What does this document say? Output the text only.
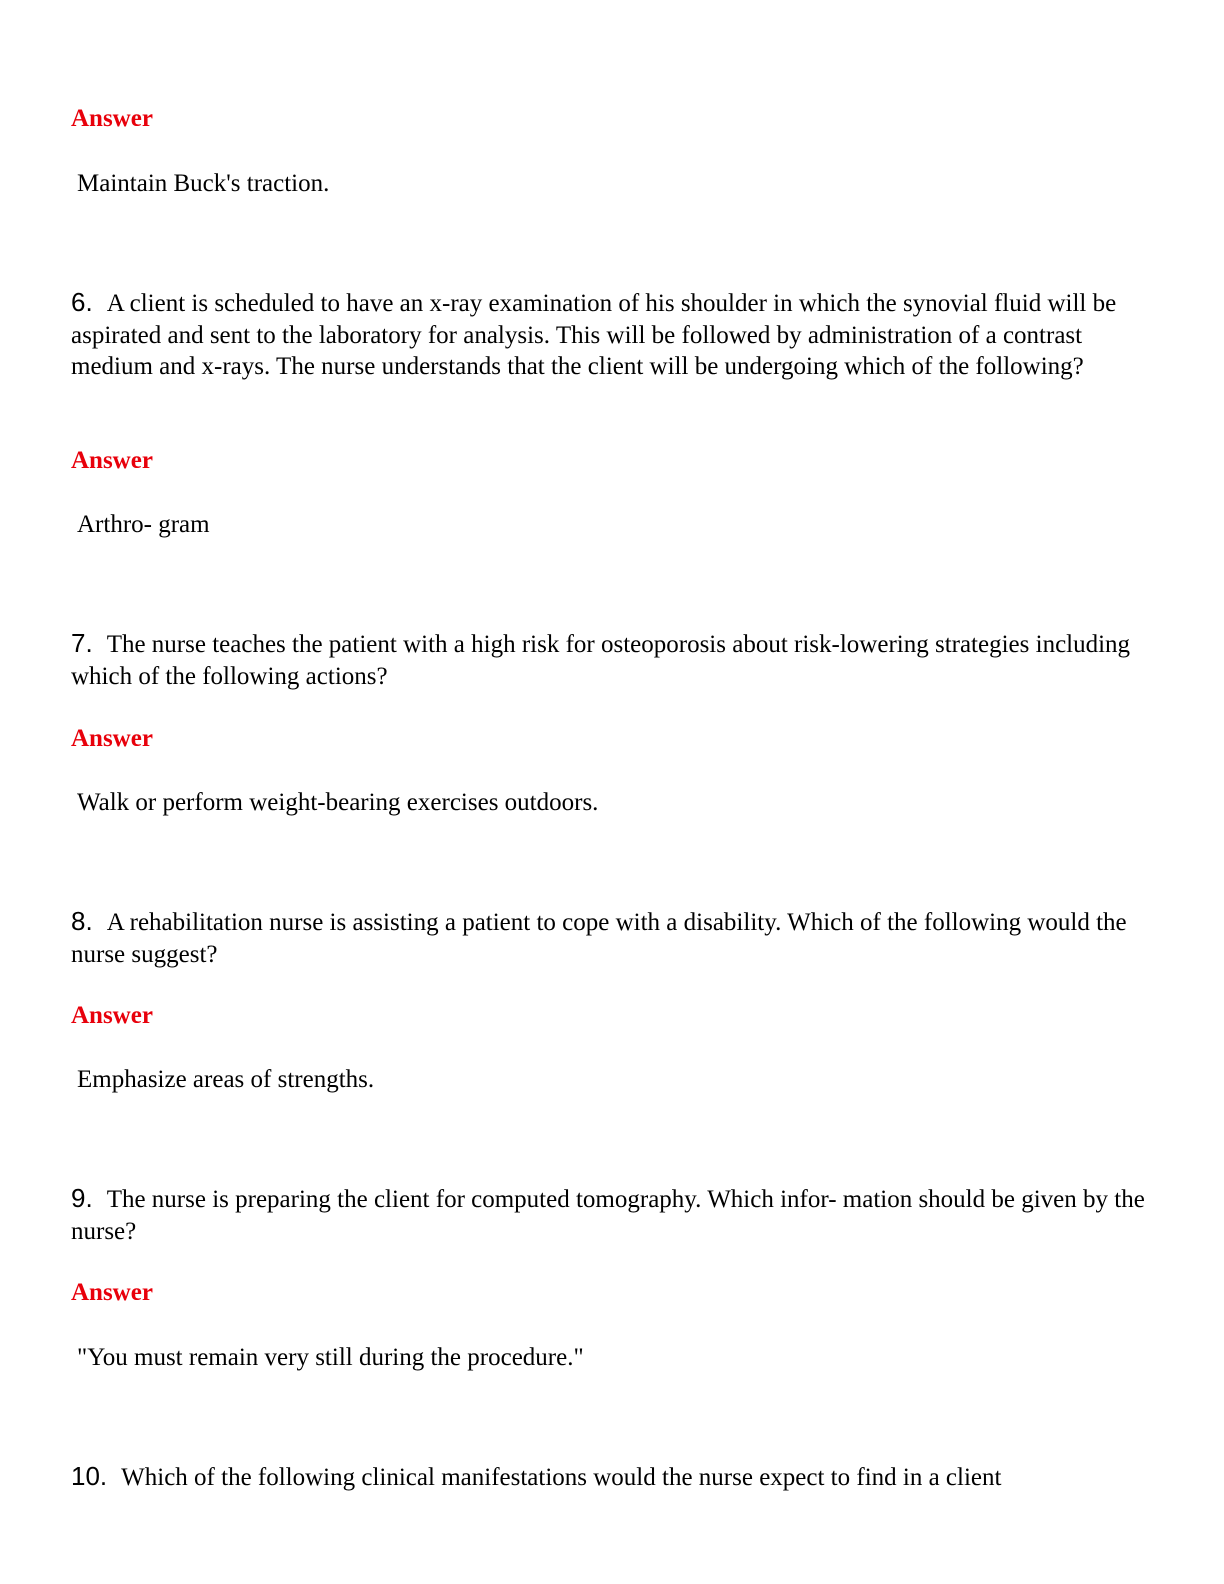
Answer
Maintain Buck's traction.
6. A client is scheduled to have an x-ray examination of his shoulder in which the synovial fluid will be aspirated and sent to the laboratory for analysis. This will be followed by administration of a contrast medium and x-rays. The nurse understands that the client will be undergoing which of the following?
Answer
Arthro- gram
7. The nurse teaches the patient with a high risk for osteoporosis about risk-lowering strategies including which of the following actions?
Answer
Walk or perform weight-bearing exercises outdoors.
8. A rehabilitation nurse is assisting a patient to cope with a disability. Which of the following would the nurse suggest?
Answer
Emphasize areas of strengths.
9. The nurse is preparing the client for computed tomography. Which infor- mation should be given by the nurse?
Answer
"You must remain very still during the procedure."
10. Which of the following clinical manifestations would the nurse expect to find in a client
